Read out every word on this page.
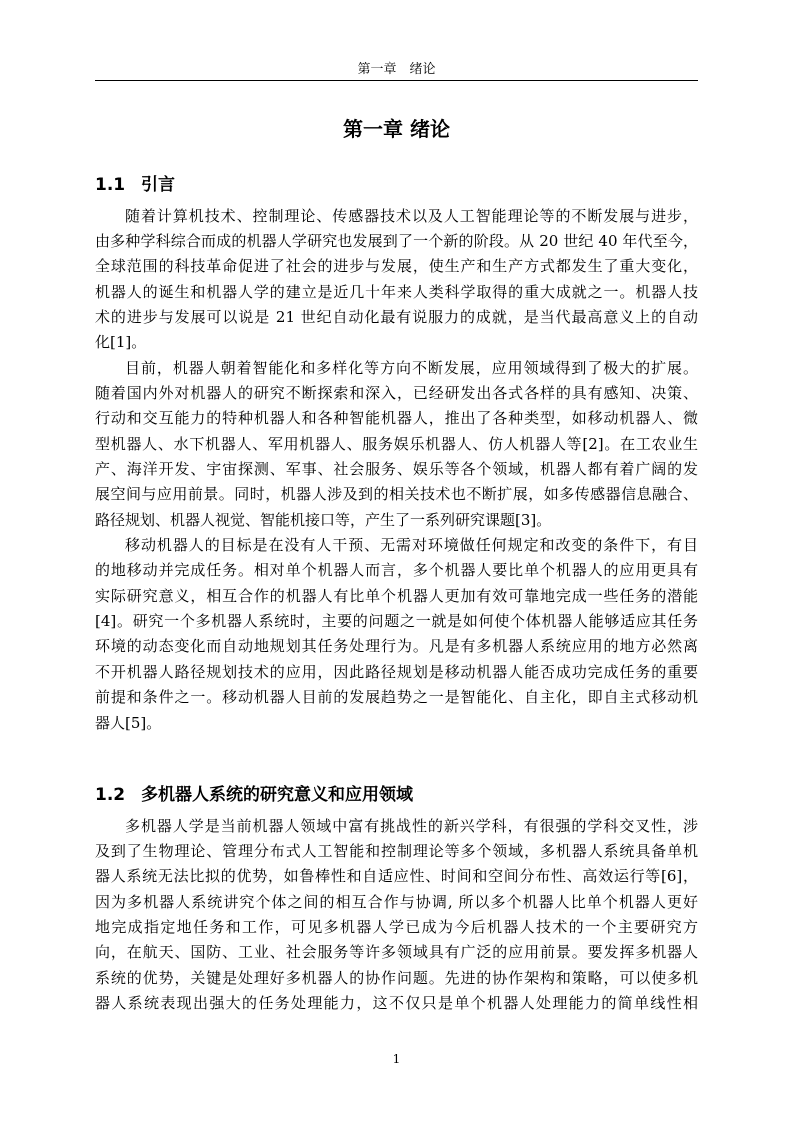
第一章　绪论
第一章 绪论
1.1 引言
随着计算机技术、控制理论、传感器技术以及人工智能理论等的不断发展与进步，
由多种学科综合而成的机器人学研究也发展到了一个新的阶段。从 20 世纪 40 年代至今，
全球范围的科技革命促进了社会的进步与发展，使生产和生产方式都发生了重大变化，
机器人的诞生和机器人学的建立是近几十年来人类科学取得的重大成就之一。机器人技
术的进步与发展可以说是 21 世纪自动化最有说服力的成就，是当代最高意义上的自动
化[1]。
目前，机器人朝着智能化和多样化等方向不断发展，应用领域得到了极大的扩展。
随着国内外对机器人的研究不断探索和深入，已经研发出各式各样的具有感知、决策、
行动和交互能力的特种机器人和各种智能机器人，推出了各种类型，如移动机器人、微
型机器人、水下机器人、军用机器人、服务娱乐机器人、仿人机器人等[2]。在工农业生
产、海洋开发、宇宙探测、军事、社会服务、娱乐等各个领域，机器人都有着广阔的发
展空间与应用前景。同时，机器人涉及到的相关技术也不断扩展，如多传感器信息融合、
路径规划、机器人视觉、智能机接口等，产生了一系列研究课题[3]。
移动机器人的目标是在没有人干预、无需对环境做任何规定和改变的条件下，有目
的地移动并完成任务。相对单个机器人而言，多个机器人要比单个机器人的应用更具有
实际研究意义，相互合作的机器人有比单个机器人更加有效可靠地完成一些任务的潜能
[4]。研究一个多机器人系统时，主要的问题之一就是如何使个体机器人能够适应其任务
环境的动态变化而自动地规划其任务处理行为。凡是有多机器人系统应用的地方必然离
不开机器人路径规划技术的应用，因此路径规划是移动机器人能否成功完成任务的重要
前提和条件之一。移动机器人目前的发展趋势之一是智能化、自主化，即自主式移动机
器人[5]。
1.2 多机器人系统的研究意义和应用领域
多机器人学是当前机器人领域中富有挑战性的新兴学科，有很强的学科交叉性，涉
及到了生物理论、管理分布式人工智能和控制理论等多个领域，多机器人系统具备单机
器人系统无法比拟的优势，如鲁棒性和自适应性、时间和空间分布性、高效运行等[6]，
因为多机器人系统讲究个体之间的相互合作与协调, 所以多个机器人比单个机器人更好
地完成指定地任务和工作，可见多机器人学已成为今后机器人技术的一个主要研究方
向，在航天、国防、工业、社会服务等许多领域具有广泛的应用前景。要发挥多机器人
系统的优势，关键是处理好多机器人的协作问题。先进的协作架构和策略，可以使多机
器人系统表现出强大的任务处理能力，这不仅只是单个机器人处理能力的简单线性相
1
